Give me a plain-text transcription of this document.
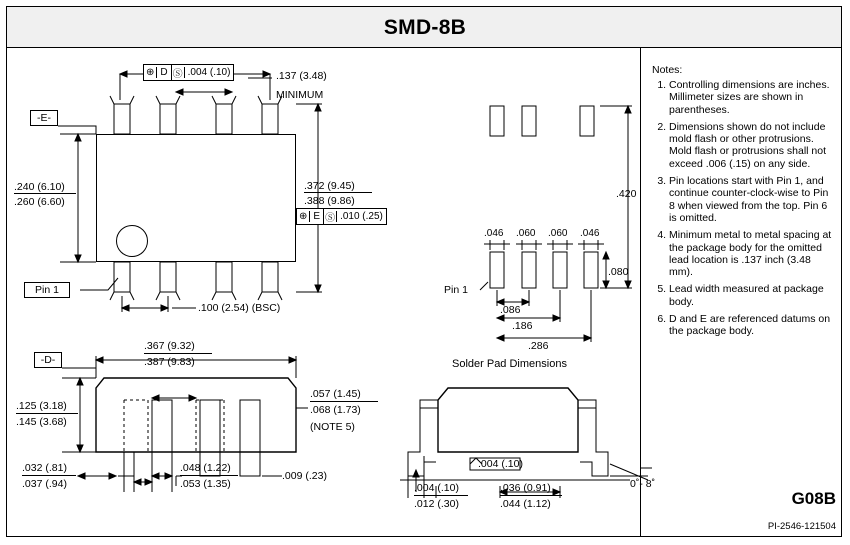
SMD-8B
⊕ D Ⓢ .004 (.10)	.137 (3.48)
MINIMUM
-E-
.240 (6.10)
.260 (6.60)
.372 (9.45)
.388 (9.86)
⊕ E Ⓢ .010 (.25)
Pin 1
.100 (2.54) (BSC)
.046 .060 .060 .046
.420
.080
Pin 1
.086
.186
.286
Solder Pad Dimensions
-D-
.367 (9.32)
.387 (9.83)
.125 (3.18)
.145 (3.68)
.057 (1.45)
.068 (1.73)
(NOTE 5)
.032 (.81)
.037 (.94)
.048 (1.22)
.053 (1.35)
.009 (.23)
.004 (.10)
.004 (.10)
.012 (.30)
.036 (0.91)
.044 (1.12)
0˚- 8˚
Notes:
1. Controlling dimensions are inches. Millimeter sizes are shown in parentheses.
2. Dimensions shown do not include mold flash or other protrusions. Mold flash or protrusions shall not exceed .006 (.15) on any side.
3. Pin locations start with Pin 1, and continue counter-clock-wise to Pin 8 when viewed from the top. Pin 6 is omitted.
4. Minimum metal to metal spacing at the package body for the omitted lead location is .137 inch (3.48 mm).
5. Lead width measured at package body.
6. D and E are referenced datums on the package body.
G08B
PI-2546-121504
